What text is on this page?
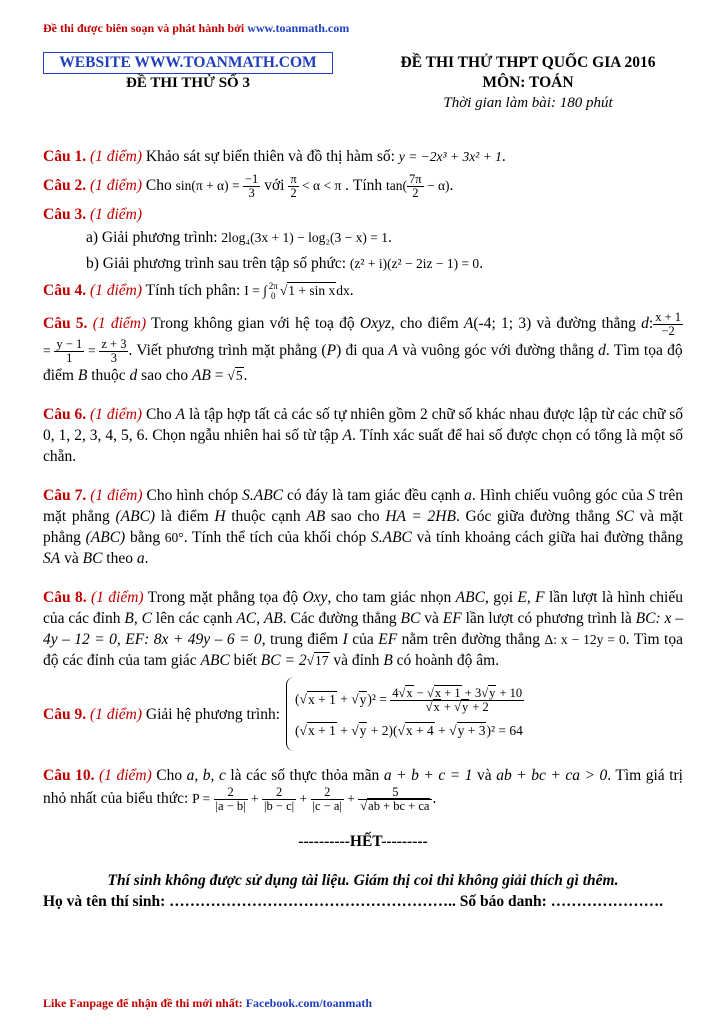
Đề thi được biên soạn và phát hành bởi www.toanmath.com
WEBSITE WWW.TOANMATH.COM
ĐỀ THI THỬ SỐ 3
ĐỀ THI THỬ THPT QUỐC GIA 2016
MÔN: TOÁN
Thời gian làm bài: 180 phút

Câu 1. (1 điểm) Khảo sát sự biến thiên và đồ thị hàm số: y = −2x³ + 3x² + 1.

Câu 2. (1 điểm) Cho $\sin(\pi + \alpha) = \frac{-1}{3}$ với $\frac{\pi}{2} < \alpha < \pi$ . Tính $\tan( \frac{7\pi}{2} - \alpha)$.

Câu 3. (1 điểm)

a) Giải phương trình: 2log₄(3x + 1) − log₂(3 − x) = 1.

b) Giải phương trình sau trên tập số phức: (z² + i)(z² − 2iz − 1) = 0.

Câu 4. (1 điểm) Tính tích phân: I = ∫ 2π
0 √1 + sin xdx.

Câu 5. (1 điểm) Trong không gian với hệ toạ độ Oxyz, cho điểm A(-4; 1; 3) và đường thẳng d: $\frac{x + 1}{-2}$
= $\frac{y - 1}{1} = \frac{z + 3}{3}$ . Viết phương trình mặt phẳng (P) đi qua A và vuông góc với đường thẳng d. Tìm tọa độ điểm B thuộc d sao cho AB = √5.

Câu 6. (1 điểm) Cho A là tập hợp tất cả các số tự nhiên gồm 2 chữ số khác nhau được lập từ các chữ số 0, 1, 2, 3, 4, 5, 6. Chọn ngẫu nhiên hai số từ tập A. Tính xác suất để hai số được chọn có tổng là một số chẵn.

Câu 7. (1 điểm) Cho hình chóp S.ABC có đáy là tam giác đều cạnh a. Hình chiếu vuông góc của S trên mặt phẳng (ABC) là điểm H thuộc cạnh AB sao cho HA = 2HB. Góc giữa đường thẳng SC và mặt phẳng (ABC) bằng 60°. Tính thể tích của khối chóp S.ABC và tính khoảng cách giữa hai đường thẳng SA và BC theo a.

Câu 8. (1 điểm) Trong mặt phẳng tọa độ Oxy, cho tam giác nhọn ABC, gọi E, F lần lượt là hình chiếu của các đỉnh B, C lên các cạnh AC, AB. Các đường thẳng BC và EF lần lượt có phương trình là BC: x – 4y – 12 = 0, EF: 8x + 49y – 6 = 0, trung điểm I của EF nằm trên đường thẳng Δ: x − 12y = 0. Tìm tọa độ các đỉnh của tam giác ABC biết BC = 2√17 và đỉnh B có hoành độ âm.

Câu 9. (1 điểm) Giải hệ phương trình:
$(√x + 1 + √y)^2 = \frac{4√x - √x + 1 + 3√y + 10}{√x + √y + 2}$
(√x + 1 + √y + 2)(√x + 4 + √y + 3)² = 64

Câu 10. (1 điểm) Cho a, b, c là các số thực thỏa mãn a + b + c = 1 và ab + bc + ca > 0. Tìm giá trị nhỏ nhất của biểu thức: $P = \frac{2}{|a - b|} + \frac{2}{|b - c|} + \frac{2}{|c - a|} + \frac{5}{√ab + bc + ca}$ .

----------HẾT---------
Thí sinh không được sử dụng tài liệu. Giám thị coi thi không giải thích gì thêm.
Họ và tên thí sinh: ……………………………………………….. Số báo danh: ………………….
Like Fanpage để nhận đề thi mới nhất: Facebook.com/toanmath
